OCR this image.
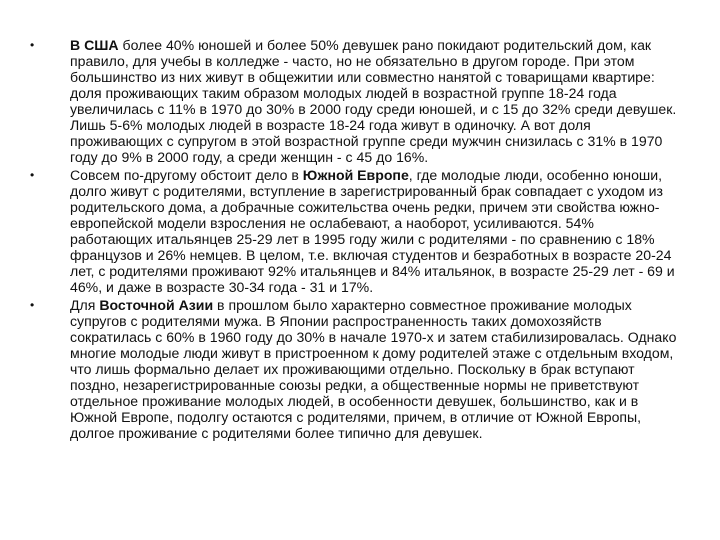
•	В США более 40% юношей и более 50% девушек рано покидают родительский дом, как правило, для учебы в колледже - часто, но не обязательно в другом городе. При этом большинство из них живут в общежитии или совместно нанятой с товарищами квартире: доля проживающих таким образом молодых людей в возрастной группе 18-24 года увеличилась с 11% в 1970 до 30% в 2000 году среди юношей, и с 15 до 32% среди девушек. Лишь 5-6% молодых людей в возрасте 18-24 года живут в одиночку. А вот доля проживающих с супругом в этой возрастной группе среди мужчин снизилась с 31% в 1970 году до 9% в 2000 году, а среди женщин - с 45 до 16%.
•	Совсем по-другому обстоит дело в Южной Европе, где молодые люди, особенно юноши, долго живут с родителями, вступление в зарегистрированный брак совпадает с уходом из родительского дома, а добрачные сожительства очень редки, причем эти свойства южно-европейской модели взросления не ослабевают, а наоборот, усиливаются. 54% работающих итальянцев 25-29 лет в 1995 году жили с родителями - по сравнению с 18% французов и 26% немцев. В целом, т.е. включая студентов и безработных в возрасте 20-24 лет, с родителями проживают 92% итальянцев и 84% итальянок, в возрасте 25-29 лет - 69 и 46%, и даже в возрасте 30-34 года - 31 и 17%.
•	Для Восточной Азии в прошлом было характерно совместное проживание молодых супругов с родителями мужа. В Японии распространенность таких домохозяйств сократилась с 60% в 1960 году до 30% в начале 1970-х и затем стабилизировалась. Однако многие молодые люди живут в пристроенном к дому родителей этаже с отдельным входом, что лишь формально делает их проживающими отдельно. Поскольку в брак вступают поздно, незарегистрированные союзы редки, а общественные нормы не приветствуют отдельное проживание молодых людей, в особенности девушек, большинство, как и в Южной Европе, подолгу остаются с родителями, причем, в отличие от Южной Европы, долгое проживание с родителями более типично для девушек.
